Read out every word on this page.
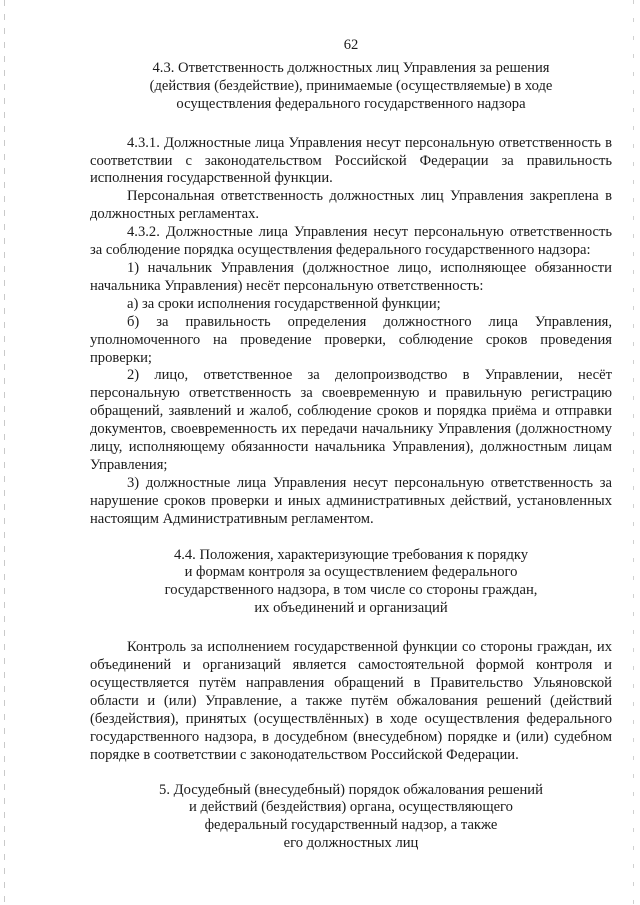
62
4.3. Ответственность должностных лиц Управления за решения
(действия (бездействие), принимаемые (осуществляемые) в ходе
осуществления федерального государственного надзора

4.3.1. Должностные лица Управления несут персональную ответственность в соответствии с законодательством Российской Федерации за правильность исполнения государственной функции.

Персональная ответственность должностных лиц Управления закреплена в должностных регламентах.

4.3.2. Должностные лица Управления несут персональную ответственность за соблюдение порядка осуществления федерального государственного надзора:

1) начальник Управления (должностное лицо, исполняющее обязанности начальника Управления) несёт персональную ответственность:

а) за сроки исполнения государственной функции;

б) за правильность определения должностного лица Управления, уполномоченного на проведение проверки, соблюдение сроков проведения проверки;

2) лицо, ответственное за делопроизводство в Управлении, несёт персональную ответственность за своевременную и правильную регистрацию обращений, заявлений и жалоб, соблюдение сроков и порядка приёма и отправки документов, своевременность их передачи начальнику Управления (должностному лицу, исполняющему обязанности начальника Управления), должностным лицам Управления;

3) должностные лица Управления несут персональную ответственность за нарушение сроков проверки и иных административных действий, установленных настоящим Административным регламентом.

4.4. Положения, характеризующие требования к порядку
и формам контроля за осуществлением федерального
государственного надзора, в том числе со стороны граждан,
их объединений и организаций

Контроль за исполнением государственной функции со стороны граждан, их объединений и организаций является самостоятельной формой контроля и осуществляется путём направления обращений в Правительство Ульяновской области и (или) Управление, а также путём обжалования решений (действий (бездействия), принятых (осуществлённых) в ходе осуществления федерального государственного надзора, в досудебном (внесудебном) порядке и (или) судебном порядке в соответствии с законодательством Российской Федерации.

5. Досудебный (внесудебный) порядок обжалования решений
и действий (бездействия) органа, осуществляющего
федеральный государственный надзор, а также
его должностных лиц
